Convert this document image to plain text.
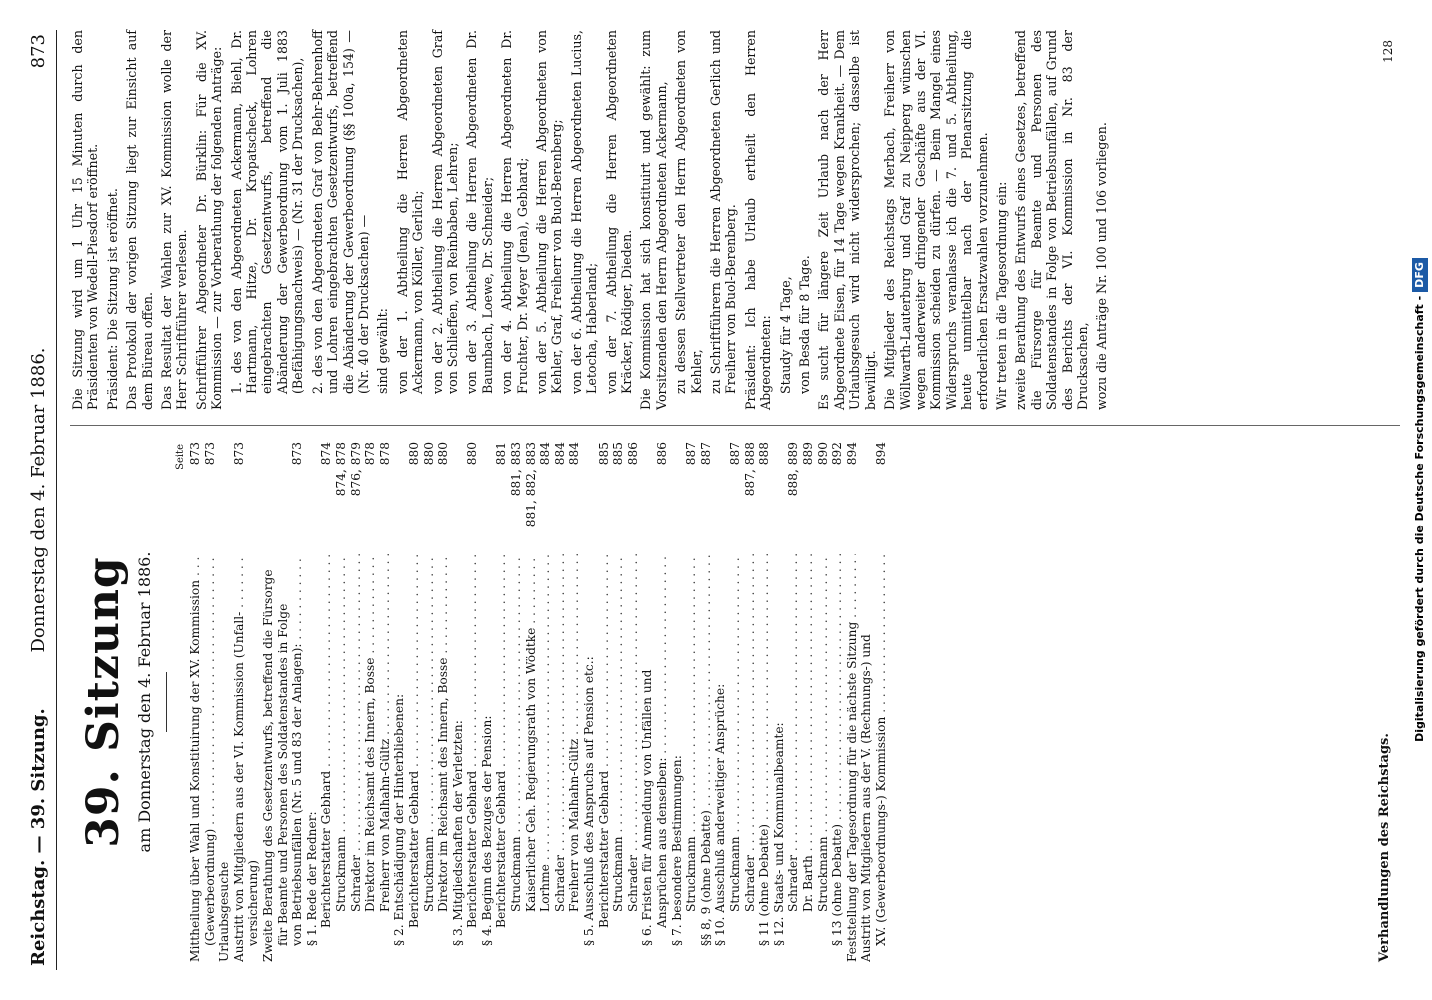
Reichstag. — 39. Sitzung.
Donnerstag den 4. Februar 1886.
873
39. Sitzung am Donnerstag den 4. Februar 1886.
Seite
Mittheilung über Wahl und Konstituirung der XV. Kommission . . .
873
(Gewerbeordnung) . . .
873
Urlaubsgesuche Austritt von Mitgliedern aus der VI. Kommission (Unfall- . . .
873
versicherung) Zweite Berathung des Gesetzentwurfs, betreffend die Fürsorge für Beamte und Personen des Soldatenstandes in Folge von Betriebsunfällen (Nr. 5 und 83 der Anlagen): . . .
873
§ 1. Rede der Redner: Berichterstatter Gebhard . . .
874
Struckmann . . .
874, 878
Schrader . . .
876, 879
Direktor im Reichsamt des Innern, Bosse . . .
878
Freiherr von Malhahn-Gültz . . .
878
§ 2. Entschädigung der Hinterbliebenen: Berichterstatter Gebhard . . .
880
Struckmann . . .
880
Direktor im Reichsamt des Innern, Bosse . . .
880
§ 3. Mitgliedschaften der Verletzten: Berichterstatter Gebhard . . .
880
§ 4. Beginn des Bezuges der Pension: Berichterstatter Gebhard . . .
881
Struckmann . . .
881, 883
Kaiserlicher Geh. Regierungsrath von Wödtke . . .
881, 882, 883
Lorhme . . .
884
Schrader . . .
884
Freiherr von Malhahn-Gültz . . .
884
§ 5. Ausschluß des Anspruchs auf Pension etc.: Berichterstatter Gebhard . . .
885
Struckmann . . .
885
Schrader . . .
886
§ 6. Fristen für Anmeldung von Unfällen und Ansprüchen aus denselben: . . .
886
§ 7. besondere Bestimmungen: Struckmann . . .
887
§§ 8, 9 (ohne Debatte) . . .
887
§ 10. Ausschluß anderweitiger Ansprüche: Struckmann . . .
887
Schrader . . .
887, 888
§ 11 (ohne Debatte) . . .
888
§ 12. Staats- und Kommunalbeamte: Schrader . . .
888, 889
Dr. Barth . . .
889
Struckmann . . .
890
§ 13 (ohne Debatte) . . .
892
Feststellung der Tagesordnung für die nächste Sitzung . . .
894
Austritt von Mitgliedern aus der V. (Rechnungs-) und XV. (Gewerbeordnungs-) Kommission . . .
894
Verhandlungen des Reichstags.

Die Sitzung wird um 1 Uhr 15 Minuten durch den Präsidenten von Wedell-Piesdorf eröffnet. Präsident: Die Sitzung ist eröffnet. Das Protokoll der vorigen Sitzung liegt zur Einsicht auf dem Büreau offen. Das Resultat der Wahlen zur XV. Kommission wolle der Herr Schriftführer verlesen. Schriftführer Abgeordneter Dr. Bürklin: Für die XV. Kommission — zur Vorberathung der folgenden Anträge: 1. des von den Abgeordneten Ackermann, Biehl, Dr. Hartmann, Hitze, Dr. Kropatscheck, Lohren eingebrachten Gesetzentwurfs, betreffend die Abänderung der Gewerbeordnung vom 1. Juli 1883 (Befähigungsnachweis) — (Nr. 31 der Drucksachen), 2. des von den Abgeordneten Graf von Behr-Behrenhoff und Lohren eingebrachten Gesetzentwurfs, betreffend die Abänderung der Gewerbeordnung (§§ 100a, 154) — (Nr. 40 der Drucksachen) — sind gewählt: von der 1. Abtheilung die Herren Abgeordneten Ackermann, von Köller, Gerlich; von der 2. Abtheilung die Herren Abgeordneten Graf von Schlieffen, von Reinbaben, Lehren; von der 3. Abtheilung die Herren Abgeordneten Dr. Baumbach, Loewe, Dr. Schneider; von der 4. Abtheilung die Herren Abgeordneten Dr. Fruchter, Dr. Meyer (Jena), Gebhard; von der 5. Abtheilung die Herren Abgeordneten von Kehler, Graf, Freiherr von Buol-Berenberg; von der 6. Abtheilung die Herren Abgeordneten Lucius, Letocha, Haberland; von der 7. Abtheilung die Herren Abgeordneten Kräcker, Rödiger, Dieden. Die Kommission hat sich konstituirt und gewählt: zum Vorsitzenden den Herrn Abgeordneten Ackermann, zu dessen Stellvertreter den Herrn Abgeordneten von Kehler, zu Schriftführern die Herren Abgeordneten Gerlich und Freiherr von Buol-Berenberg. Präsident: Ich habe Urlaub ertheilt den Herren Abgeordneten: Staudy für 4 Tage, von Besda für 8 Tage. Es sucht für längere Zeit Urlaub nach der Herr Abgeordnete Eisen, für 14 Tage wegen Krankheit. — Dem Urlaubsgesuch wird nicht widersprochen; dasselbe ist bewilligt. Die Mitglieder des Reichstags Merbach, Freiherr von Wöllwarth-Lauterburg und Graf zu Neipperg wünschen wegen anderweiter dringender Geschäfte aus der VI. Kommission scheiden zu dürfen. — Beim Mangel eines Widerspruchs veranlasse ich die 7. und 5. Abtheilung, heute unmittelbar nach der Plenarsitzung die erforderlichen Ersatzwahlen vorzunehmen. Wir treten in die Tagesordnung ein: zweite Berathung des Entwurfs eines Gesetzes, betreffend die Fürsorge für Beamte und Personen des Soldatenstandes in Folge von Betriebsunfällen, auf Grund des Berichts der VI. Kommission in Nr. 83 der Drucksachen, wozu die Anträge Nr. 100 und 106 vorliegen.

128
Digitalisierung gefördert durch die Deutsche Forschungsgemeinschaft -DFG
